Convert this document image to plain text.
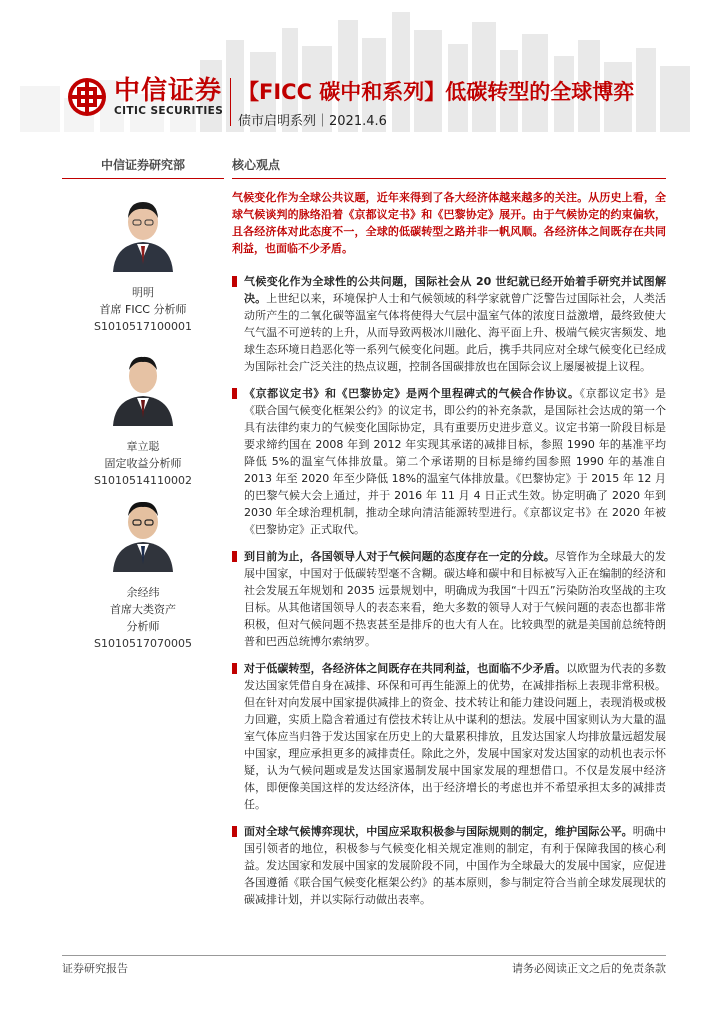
中信证券
CITIC SECURITIES
【FICC 碳中和系列】低碳转型的全球博弈
债市启明系列｜2021.4.6
中信证券研究部
明明
首席 FICC 分析师
S1010517100001
章立聪
固定收益分析师
S1010514110002
余经纬
首席大类资产
分析师
S1010517070005
核心观点

气候变化作为全球公共议题，近年来得到了各大经济体越来越多的关注。从历史上看，全球气候谈判的脉络沿着《京都议定书》和《巴黎协定》展开。由于气候协定的约束偏软，且各经济体对此态度不一，全球的低碳转型之路并非一帆风顺。各经济体之间既存在共同利益，也面临不少矛盾。

气候变化作为全球性的公共问题，国际社会从 20 世纪就已经开始着手研究并试图解决。上世纪以来，环境保护人士和气候领域的科学家就曾广泛警告过国际社会，人类活动所产生的二氧化碳等温室气体将使得大气层中温室气体的浓度日益激增，最终致使大气气温不可逆转的上升，从而导致两极冰川融化、海平面上升、极端气候灾害频发、地球生态环境日趋恶化等一系列气候变化问题。此后，携手共同应对全球气候变化已经成为国际社会广泛关注的热点议题，控制各国碳排放也在国际会议上屡屡被提上议程。
《京都议定书》和《巴黎协定》是两个里程碑式的气候合作协议。《京都议定书》是《联合国气候变化框架公约》的议定书，即公约的补充条款，是国际社会达成的第一个具有法律约束力的气候变化国际协定，具有重要历史进步意义。议定书第一阶段目标是要求缔约国在 2008 年到 2012 年实现其承诺的减排目标，参照 1990 年的基准平均降低 5%的温室气体排放量。第二个承诺期的目标是缔约国参照 1990 年的基准自 2013 年至 2020 年至少降低 18%的温室气体排放量。《巴黎协定》于 2015 年 12 月的巴黎气候大会上通过，并于 2016 年 11 月 4 日正式生效。协定明确了 2020 年到 2030 年全球治理机制，推动全球向清洁能源转型进行。《京都议定书》在 2020 年被《巴黎协定》正式取代。
到目前为止，各国领导人对于气候问题的态度存在一定的分歧。尽管作为全球最大的发展中国家，中国对于低碳转型毫不含糊。碳达峰和碳中和目标被写入正在编制的经济和社会发展五年规划和 2035 远景规划中，明确成为我国“十四五”污染防治攻坚战的主攻目标。从其他诸国领导人的表态来看，绝大多数的领导人对于气候问题的表态也都非常积极，但对气候问题不热衷甚至是排斥的也大有人在。比较典型的就是美国前总统特朗普和巴西总统博尔索纳罗。
对于低碳转型，各经济体之间既存在共同利益，也面临不少矛盾。以欧盟为代表的多数发达国家凭借自身在减排、环保和可再生能源上的优势，在减排指标上表现非常积极。但在针对向发展中国家提供减排上的资金、技术转让和能力建设问题上，表现消极或极力回避，实质上隐含着通过有偿技术转让从中谋利的想法。发展中国家则认为大量的温室气体应当归咎于发达国家在历史上的大量累积排放，且发达国家人均排放量远超发展中国家，理应承担更多的减排责任。除此之外，发展中国家对发达国家的动机也表示怀疑，认为气候问题或是发达国家遏制发展中国家发展的理想借口。不仅是发展中经济体，即便像美国这样的发达经济体，出于经济增长的考虑也并不希望承担太多的减排责任。
面对全球气候博弈现状，中国应采取积极参与国际规则的制定，维护国际公平。明确中国引领者的地位，积极参与气候变化相关规定准则的制定，有利于保障我国的核心利益。发达国家和发展中国家的发展阶段不同，中国作为全球最大的发展中国家，应促进各国遵循《联合国气候变化框架公约》的基本原则，参与制定符合当前全球发展现状的碳减排计划，并以实际行动做出表率。
证券研究报告	请务必阅读正文之后的免责条款
